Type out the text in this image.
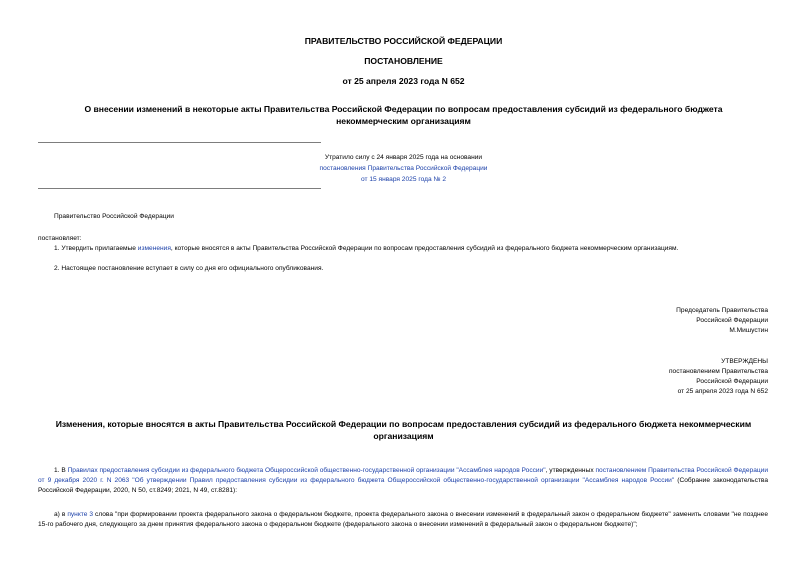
ПРАВИТЕЛЬСТВО РОССИЙСКОЙ ФЕДЕРАЦИИ
ПОСТАНОВЛЕНИЕ
от 25 апреля 2023 года N 652
О внесении изменений в некоторые акты Правительства Российской Федерации по вопросам предоставления субсидий из федерального бюджета
некоммерческим организациям
Утратило силу с 24 января 2025 года на основании
постановления Правительства Российской Федерации
от 15 января 2025 года № 2
Правительство Российской Федерации
постановляет:
1. Утвердить прилагаемые изменения, которые вносятся в акты Правительства Российской Федерации по вопросам предоставления субсидий из федерального бюджета некоммерческим организациям.
2. Настоящее постановление вступает в силу со дня его официального опубликования.
Председатель Правительства
Российской Федерации
М.Мишустин
УТВЕРЖДЕНЫ
постановлением Правительства
Российской Федерации
от 25 апреля 2023 года N 652
Изменения, которые вносятся в акты Правительства Российской Федерации по вопросам предоставления субсидий из федерального бюджета некоммерческим
организациям
1. В Правилах предоставления субсидии из федерального бюджета Общероссийской общественно-государственной организации "Ассамблея народов России", утвержденных постановлением Правительства Российской Федерации от 9 декабря 2020 г. N 2063 "Об утверждении Правил предоставления субсидии из федерального бюджета Общероссийской общественно-государственной организации "Ассамблея народов России" (Собрание законодательства Российской Федерации, 2020, N 50, ст.8249; 2021, N 49, ст.8281):
а) в пункте 3 слова "при формировании проекта федерального закона о федеральном бюджете, проекта федерального закона о внесении изменений в федеральный закон о федеральном бюджете" заменить словами "не позднее 15-го рабочего дня, следующего за днем принятия федерального закона о федеральном бюджете (федерального закона о внесении изменений в федеральный закон о федеральном бюджете)";
